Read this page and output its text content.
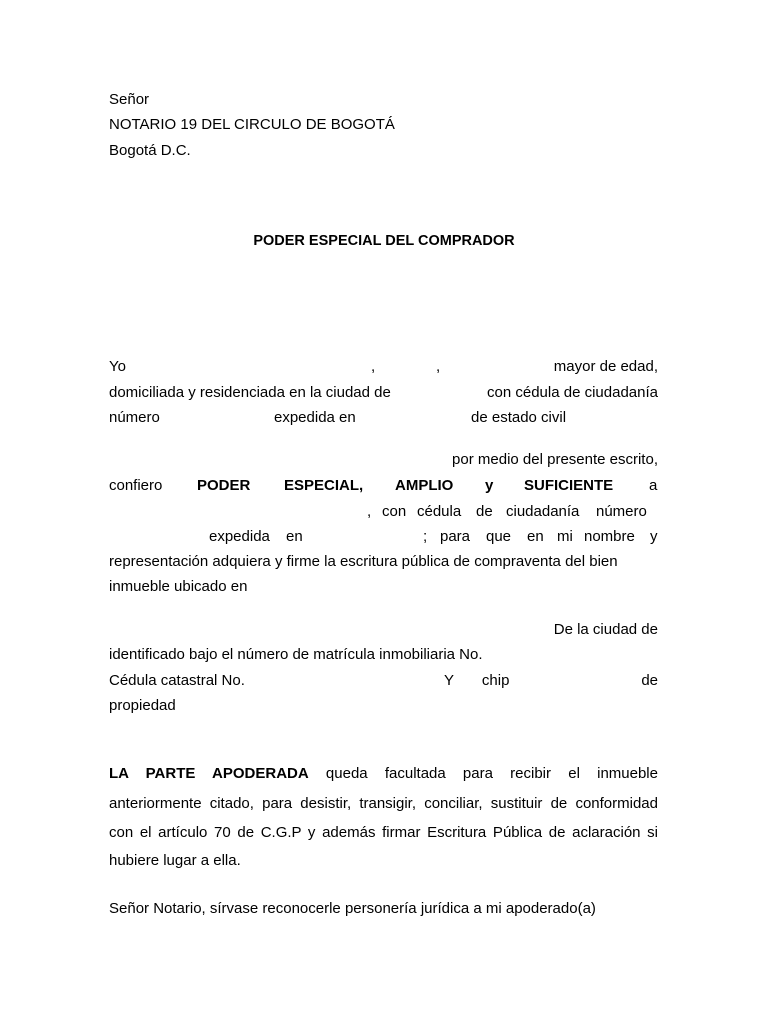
Señor
NOTARIO 19 DEL CIRCULO DE BOGOTÁ
Bogotá D.C.
PODER ESPECIAL DEL COMPRADOR
Yo	,	,	mayor de edad,
domiciliada y residenciada en la ciudad de	con cédula de ciudadanía
número	expedida en	de estado civil
por medio del presente escrito,
confiero PODER ESPECIAL, AMPLIO y SUFICIENTE a
, con cédula de ciudadanía número
expedida en	; para que en mi nombre y
representación adquiera y firme la escritura pública de compraventa del bien
inmueble ubicado en
De la ciudad de
identificado bajo el número de matrícula inmobiliaria No.
Cédula catastral No.	Y chip	de
propiedad
LA PARTE APODERADA queda facultada para recibir el inmueble
anteriormente citado, para desistir, transigir, conciliar, sustituir de conformidad
con el artículo 70 de C.G.P y además firmar Escritura Pública de aclaración si
hubiere lugar a ella.
Señor Notario, sírvase reconocerle personería jurídica a mi apoderado(a)
